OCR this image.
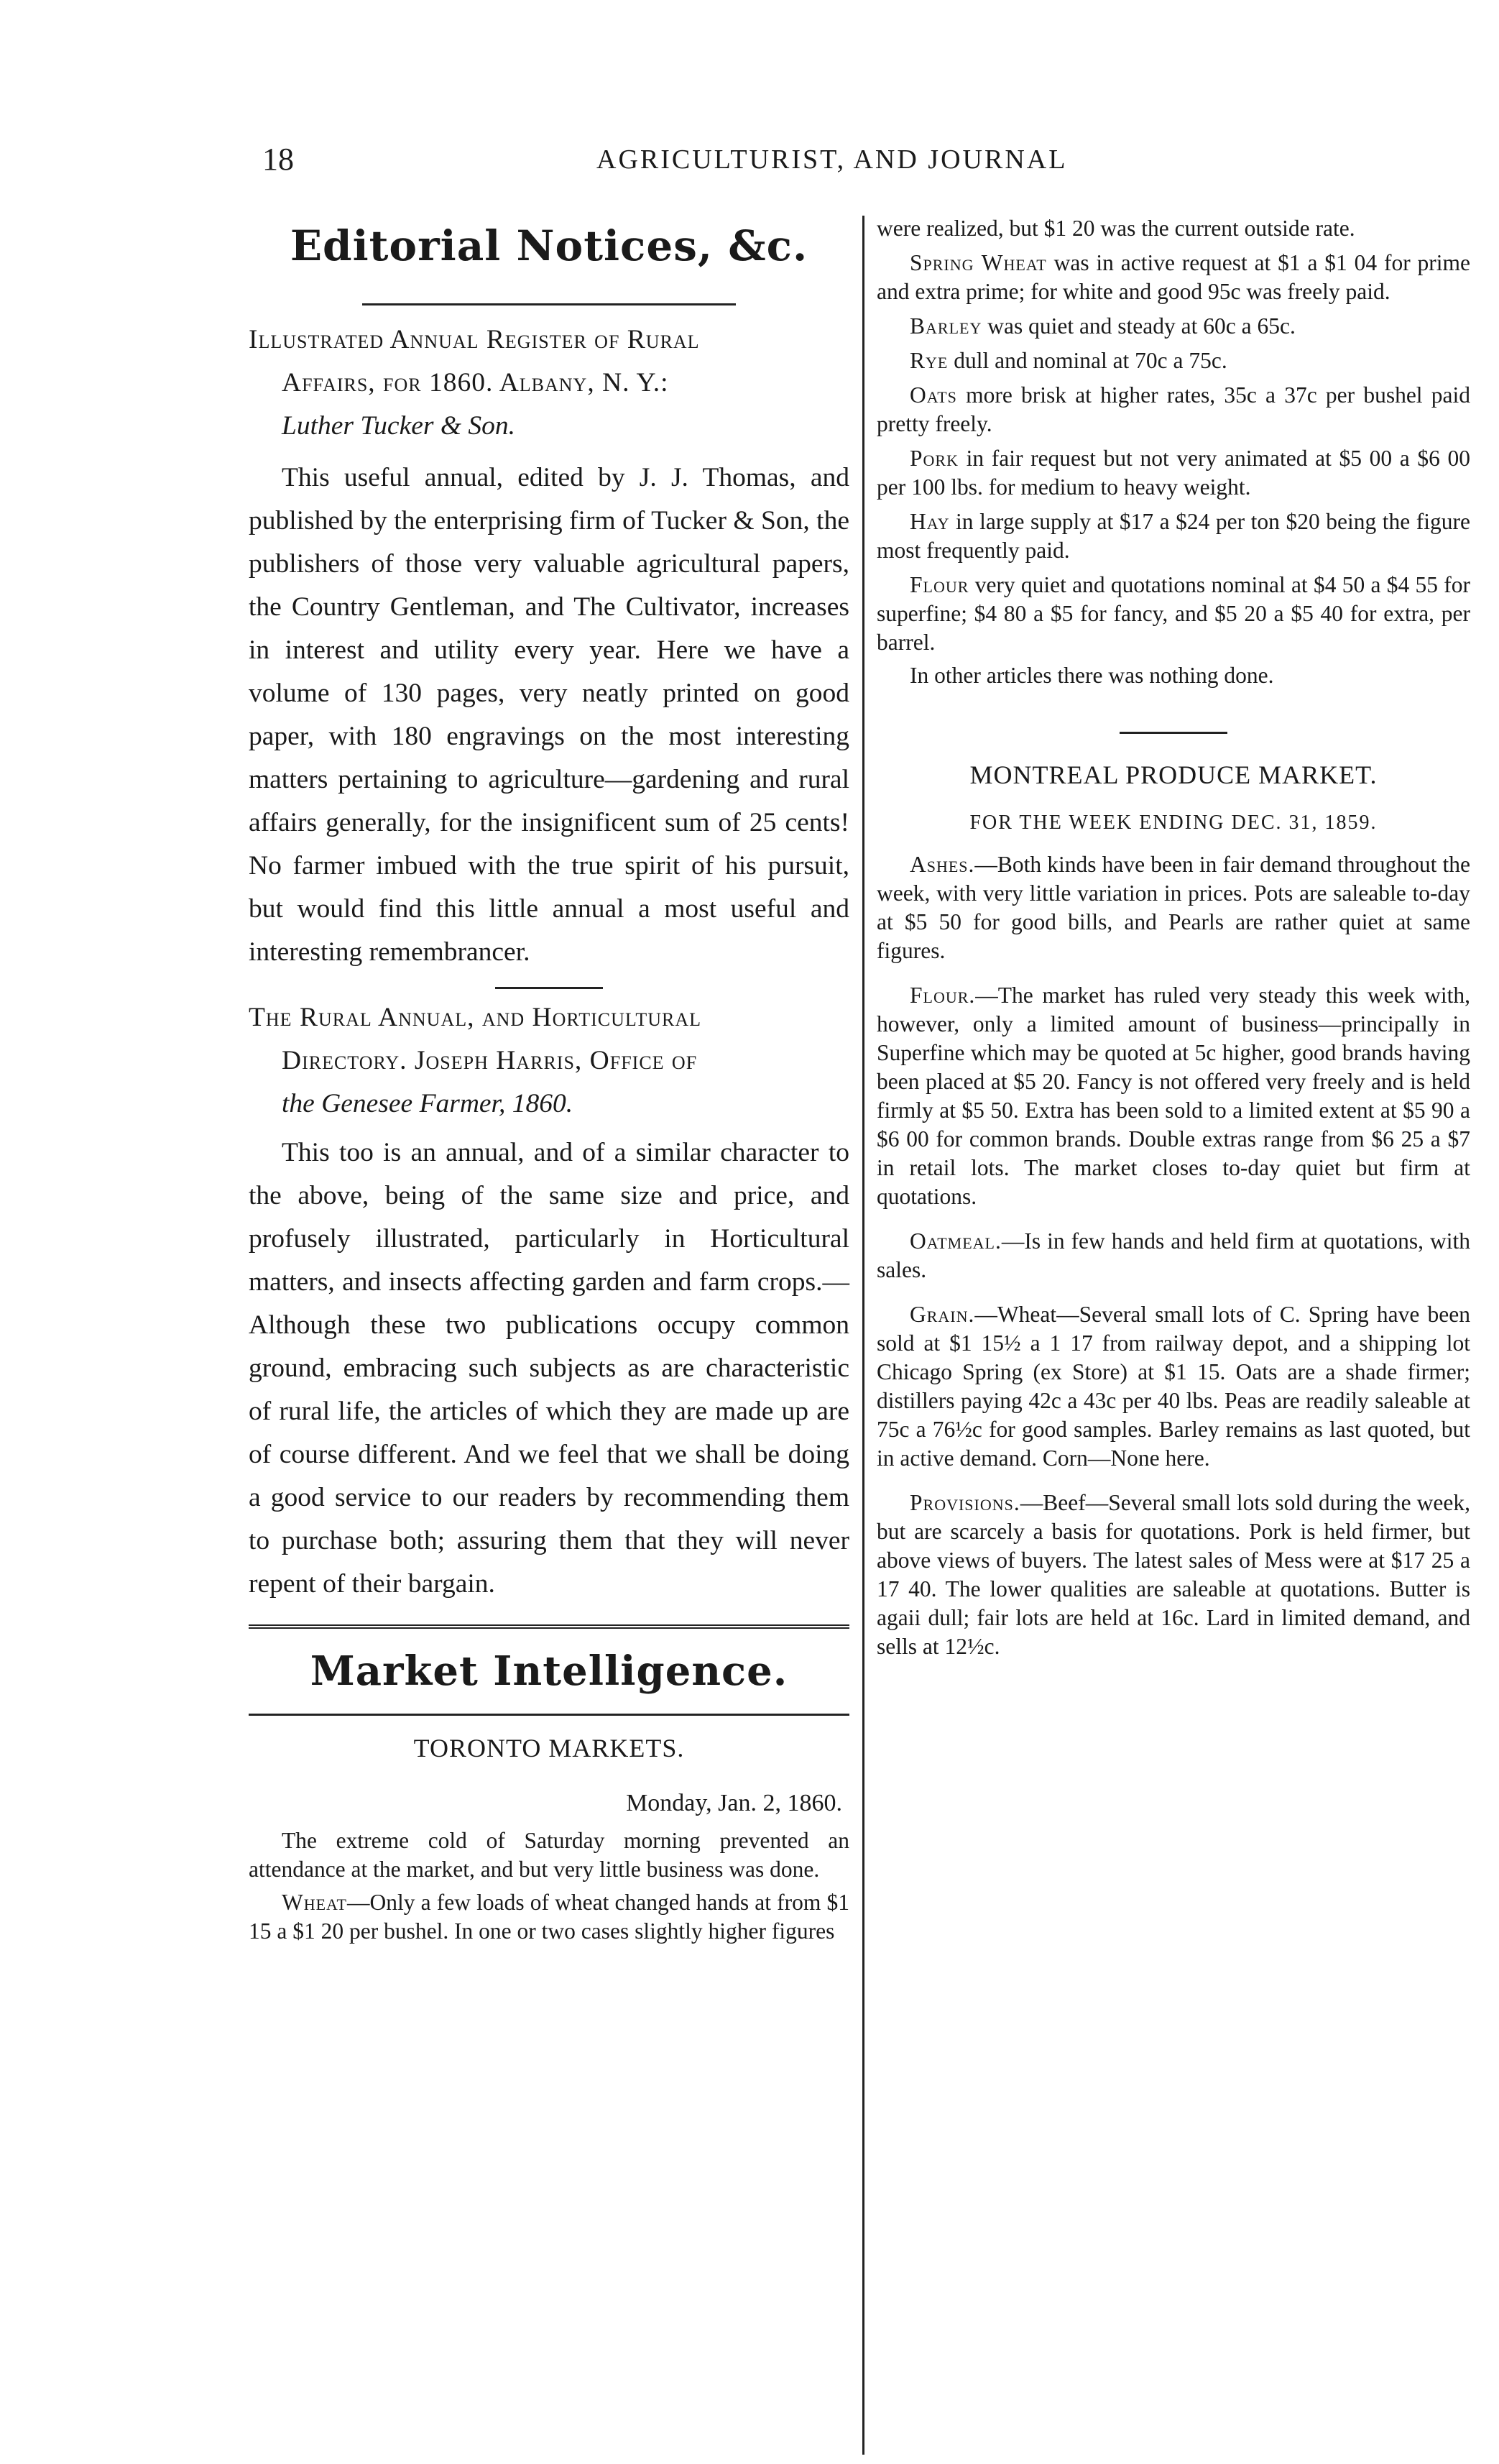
18	AGRICULTURIST, AND JOURNAL
Editorial Notices, &c.

Illustrated Annual Register of Rural

Affairs, for 1860. Albany, N. Y.:

Luther Tucker & Son.

This useful annual, edited by J. J. Thomas, and published by the enterprising firm of Tucker & Son, the publishers of those very valuable agricultural papers, the Country Gentleman, and The Cultivator, increases in interest and utility every year. Here we have a volume of 130 pages, very neatly printed on good paper, with 180 engravings on the most interesting matters pertaining to agriculture—gardening and rural affairs generally, for the insignificent sum of 25 cents! No farmer imbued with the true spirit of his pursuit, but would find this little annual a most useful and interesting remembrancer.

The Rural Annual, and Horticultural

Directory. Joseph Harris, Office of

the Genesee Farmer, 1860.

This too is an annual, and of a similar character to the above, being of the same size and price, and profusely illustrated, particularly in Horticultural matters, and insects affecting garden and farm crops.—Although these two publications occupy common ground, embracing such subjects as are characteristic of rural life, the articles of which they are made up are of course different. And we feel that we shall be doing a good service to our readers by recommending them to purchase both; assuring them that they will never repent of their bargain.

Market Intelligence.
TORONTO MARKETS.

Monday, Jan. 2, 1860.

The extreme cold of Saturday morning prevented an attendance at the market, and but very little business was done.

Wheat—Only a few loads of wheat changed hands at from $1 15 a $1 20 per bushel. In one or two cases slightly higher figures

were realized, but $1 20 was the current outside rate.

Spring Wheat was in active request at $1 a $1 04 for prime and extra prime; for white and good 95c was freely paid.

Barley was quiet and steady at 60c a 65c.

Rye dull and nominal at 70c a 75c.

Oats more brisk at higher rates, 35c a 37c per bushel paid pretty freely.

Pork in fair request but not very animated at $5 00 a $6 00 per 100 lbs. for medium to heavy weight.

Hay in large supply at $17 a $24 per ton $20 being the figure most frequently paid.

Flour very quiet and quotations nominal at $4 50 a $4 55 for superfine; $4 80 a $5 for fancy, and $5 20 a $5 40 for extra, per barrel.

In other articles there was nothing done.

MONTREAL PRODUCE MARKET.
FOR THE WEEK ENDING DEC. 31, 1859.

Ashes.—Both kinds have been in fair demand throughout the week, with very little variation in prices. Pots are saleable to-day at $5 50 for good bills, and Pearls are rather quiet at same figures.

Flour.—The market has ruled very steady this week with, however, only a limited amount of business—principally in Superfine which may be quoted at 5c higher, good brands having been placed at $5 20. Fancy is not offered very freely and is held firmly at $5 50. Extra has been sold to a limited extent at $5 90 a $6 00 for common brands. Double extras range from $6 25 a $7 in retail lots. The market closes to-day quiet but firm at quotations.

Oatmeal.—Is in few hands and held firm at quotations, with sales.

Grain.—Wheat—Several small lots of C. Spring have been sold at $1 15½ a 1 17 from railway depot, and a shipping lot Chicago Spring (ex Store) at $1 15. Oats are a shade firmer; distillers paying 42c a 43c per 40 lbs. Peas are readily saleable at 75c a 76½c for good samples. Barley remains as last quoted, but in active demand. Corn—None here.

Provisions.—Beef—Several small lots sold during the week, but are scarcely a basis for quotations. Pork is held firmer, but above views of buyers. The latest sales of Mess were at $17 25 a 17 40. The lower qualities are saleable at quotations. Butter is agaii dull; fair lots are held at 16c. Lard in limited demand, and sells at 12½c.
